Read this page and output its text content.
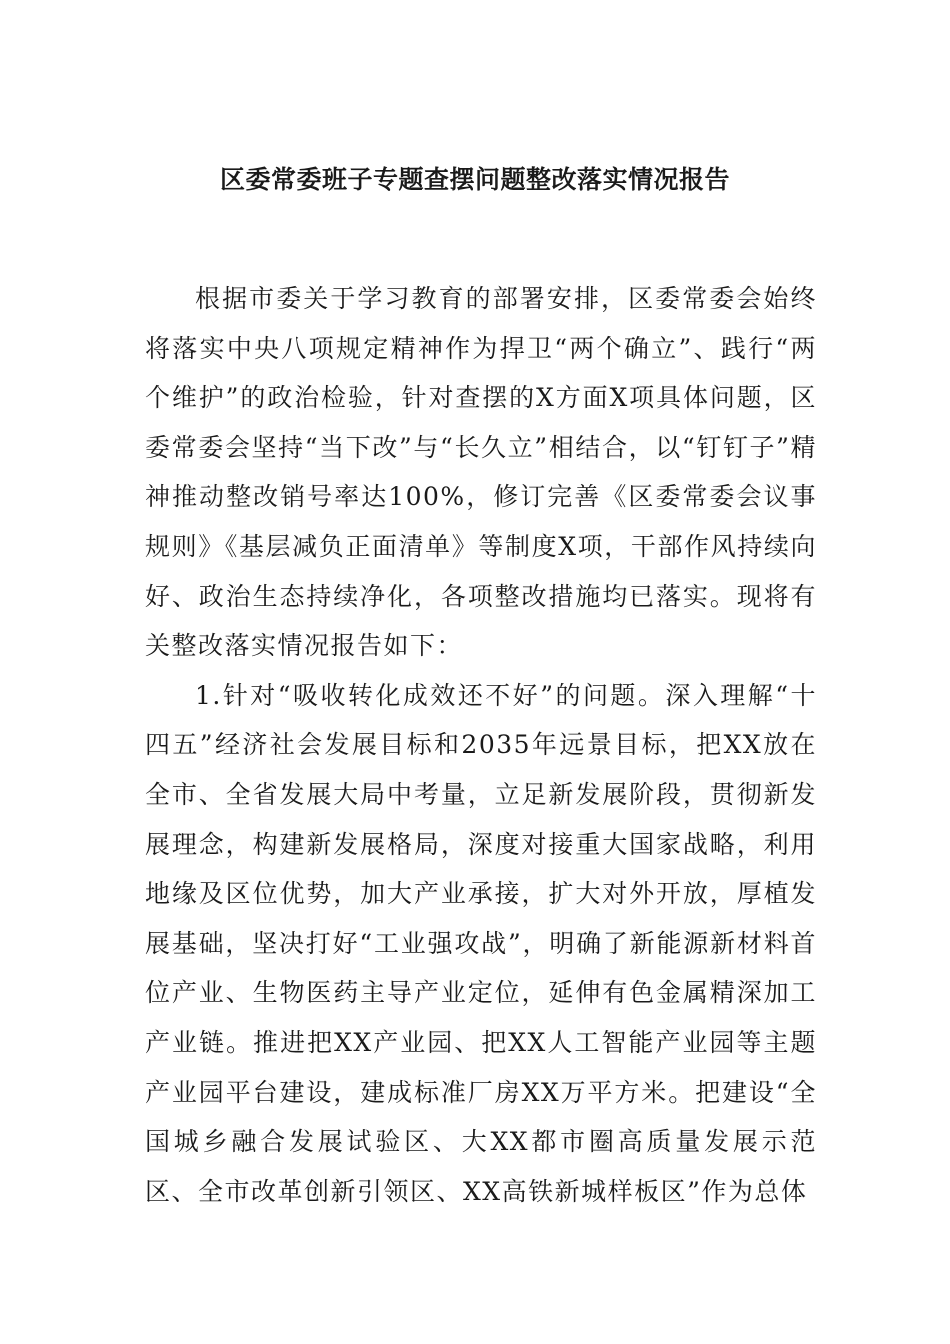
区委常委班子专题查摆问题整改落实情况报告

根据市委关于学习教育的部署安排，区委常委会始终将落实中央八项规定精神作为捍卫“两个确立”、践行“两个维护”的政治检验，针对查摆的X方面X项具体问题，区委常委会坚持“当下改”与“长久立”相结合，以“钉钉子”精神推动整改销号率达100%，修订完善《区委常委会议事规则》《基层减负正面清单》等制度X项，干部作风持续向好、政治生态持续净化，各项整改措施均已落实。现将有关整改落实情况报告如下：

1.针对“吸收转化成效还不好”的问题。深入理解“十四五”经济社会发展目标和2035年远景目标，把XX放在全市、全省发展大局中考量，立足新发展阶段，贯彻新发展理念，构建新发展格局，深度对接重大国家战略，利用地缘及区位优势，加大产业承接，扩大对外开放，厚植发展基础，坚决打好“工业强攻战”，明确了新能源新材料首位产业、生物医药主导产业定位，延伸有色金属精深加工产业链。推进把XX产业园、把XX人工智能产业园等主题产业园平台建设，建成标准厂房XX万平方米。把建设“全国城乡融合发展试验区、大XX都市圈高质量发展示范区、全市改革创新引领区、XX高铁新城样板区”作为总体
